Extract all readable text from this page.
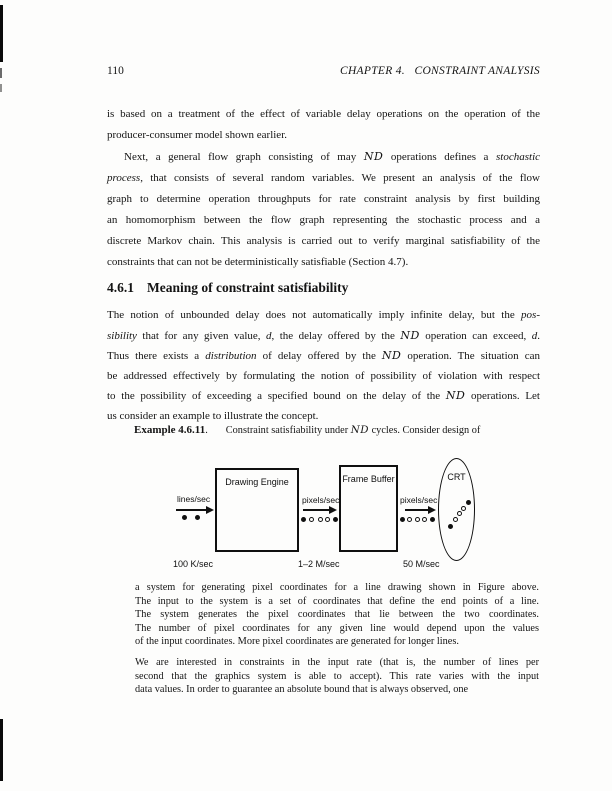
110	CHAPTER 4.   CONSTRAINT ANALYSIS
is based on a treatment of the effect of variable delay operations on the operation of the
producer-consumer model shown earlier.
Next, a general flow graph consisting of may ND operations defines a stochastic
process, that consists of several random variables. We present an analysis of the flow
graph to determine operation throughputs for rate constraint analysis by first building
an homomorphism between the flow graph representing the stochastic process and a
discrete Markov chain. This analysis is carried out to verify marginal satisfiability of the
constraints that can not be deterministically satisfiable (Section 4.7).
4.6.1 Meaning of constraint satisfiability
The notion of unbounded delay does not automatically imply infinite delay, but the pos-
sibility that for any given value, d, the delay offered by the ND operation can exceed, d.
Thus there exists a distribution of delay offered by the ND operation. The situation can
be addressed effectively by formulating the notion of possibility of violation with respect
to the possibility of exceeding a specified bound on the delay of the ND operations. Let
us consider an example to illustrate the concept.
Example 4.6.11. Constraint satisfiability under ND cycles. Consider design of
lines/sec
100 K/sec
Drawing Engine
pixels/sec
1–2 M/sec
Frame Buffer
pixels/sec
50 M/sec
CRT
a system for generating pixel coordinates for a line drawing shown in Figure above.
The input to the system is a set of coordinates that define the end points of a line.
The system generates the pixel coordinates that lie between the two coordinates.
The number of pixel coordinates for any given line would depend upon the values
of the input coordinates. More pixel coordinates are generated for longer lines.
We are interested in constraints in the input rate (that is, the number of lines per
second that the graphics system is able to accept). This rate varies with the input
data values. In order to guarantee an absolute bound that is always observed, one
